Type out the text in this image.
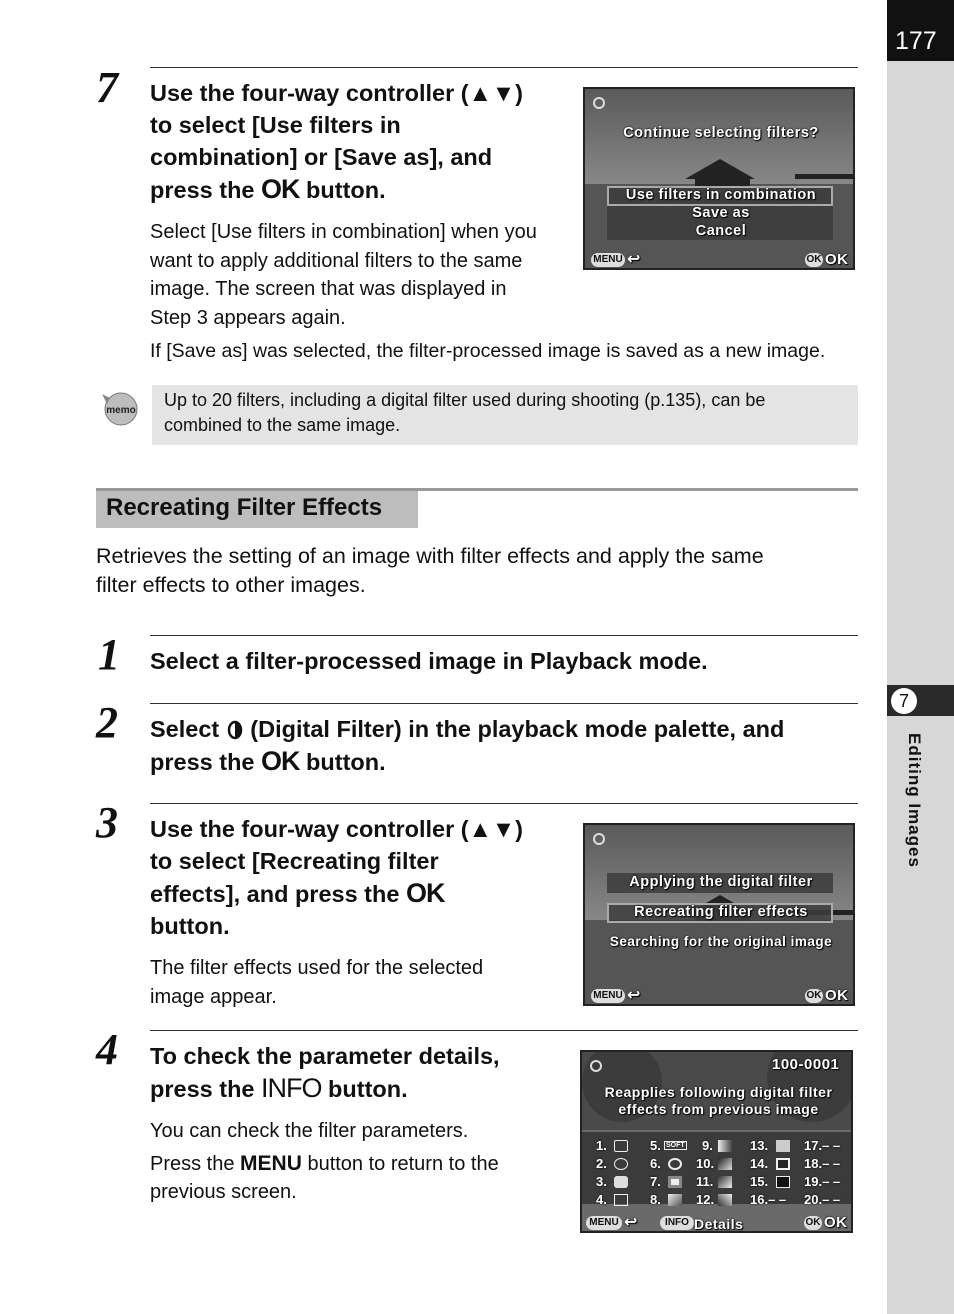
177
7
Editing Images
7 Use the four-way controller (▲▼)
to select [Use filters in
combination] or [Save as], and
press the OK button.
Select [Use filters in combination] when you
want to apply additional filters to the same
image. The screen that was displayed in
Step 3 appears again.
If [Save as] was selected, the filter-processed image is saved as a new image.
Continue selecting filters?
Use filters in combination
Save as
Cancel
MENU ↩	OK OK
memo
Up to 20 filters, including a digital filter used during shooting (p.135), can be
combined to the same image.
Recreating Filter Effects
Retrieves the setting of an image with filter effects and apply the same
filter effects to other images.
1 Select a filter-processed image in Playback mode.
2 Select  (Digital Filter) in the playback mode palette, and
press the OK button.
3 Use the four-way controller (▲▼)
to select [Recreating filter
effects], and press the OK
button.
The filter effects used for the selected
image appear.
Applying the digital filter
Recreating filter effects
Searching for the original image
MENU ↩	OK OK
4 To check the parameter details,
press the INFO button.
You can check the filter parameters.
Press the MENU button to return to the
previous screen.
100-0001
Reapplies following digital filter
effects from previous image
1.
2.
3.
4.
5.
6.
7.
8.
9.
10.
11.
12.
13.
14.
15.
16.– –
17.– –
18.– –
19.– –
20.– –
SOFT
MENU ↩	INFO Details	OK OK
